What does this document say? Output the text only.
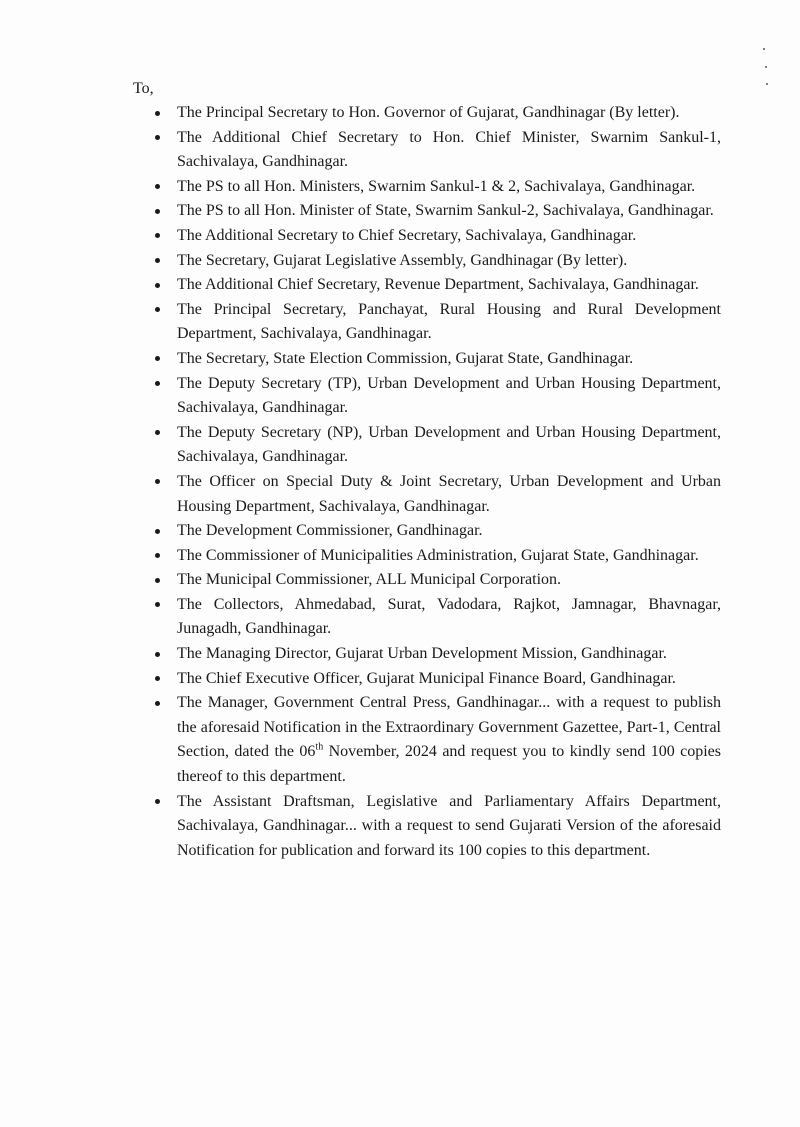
To,

The Principal Secretary to Hon. Governor of Gujarat, Gandhinagar (By letter).
The Additional Chief Secretary to Hon. Chief Minister, Swarnim Sankul-1, Sachivalaya, Gandhinagar.
The PS to all Hon. Ministers, Swarnim Sankul-1 & 2, Sachivalaya, Gandhinagar.
The PS to all Hon. Minister of State, Swarnim Sankul-2, Sachivalaya, Gandhinagar.
The Additional Secretary to Chief Secretary, Sachivalaya, Gandhinagar.
The Secretary, Gujarat Legislative Assembly, Gandhinagar (By letter).
The Additional Chief Secretary, Revenue Department, Sachivalaya, Gandhinagar.
The Principal Secretary, Panchayat, Rural Housing and Rural Development Department, Sachivalaya, Gandhinagar.
The Secretary, State Election Commission, Gujarat State, Gandhinagar.
The Deputy Secretary (TP), Urban Development and Urban Housing Department, Sachivalaya, Gandhinagar.
The Deputy Secretary (NP), Urban Development and Urban Housing Department, Sachivalaya, Gandhinagar.
The Officer on Special Duty & Joint Secretary, Urban Development and Urban Housing Department, Sachivalaya, Gandhinagar.
The Development Commissioner, Gandhinagar.
The Commissioner of Municipalities Administration, Gujarat State, Gandhinagar.
The Municipal Commissioner, ALL Municipal Corporation.
The Collectors, Ahmedabad, Surat, Vadodara, Rajkot, Jamnagar, Bhavnagar, Junagadh, Gandhinagar.
The Managing Director, Gujarat Urban Development Mission, Gandhinagar.
The Chief Executive Officer, Gujarat Municipal Finance Board, Gandhinagar.
The Manager, Government Central Press, Gandhinagar... with a request to publish the aforesaid Notification in the Extraordinary Government Gazettee, Part-1, Central Section, dated the 06th November, 2024 and request you to kindly send 100 copies thereof to this department.
The Assistant Draftsman, Legislative and Parliamentary Affairs Department, Sachivalaya, Gandhinagar... with a request to send Gujarati Version of the aforesaid Notification for publication and forward its 100 copies to this department.
